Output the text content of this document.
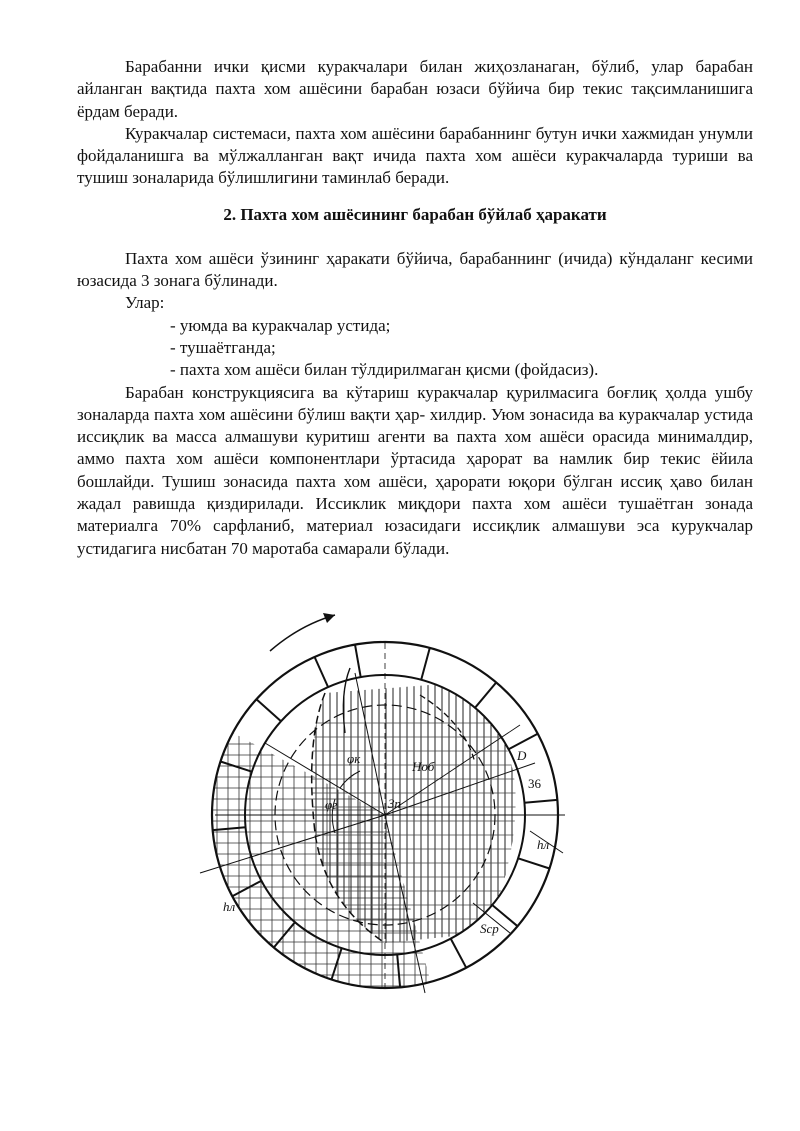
Барабанни ички қисми куракчалари билан жиҳозланаган, бўлиб, улар барабан айланган вақтида пахта хом ашёсини барабан юзаси бўйича бир текис тақсимланишига ёрдам беради.

Куракчалар системаси, пахта хом ашёсини барабаннинг бутун ички хажмидан унумли фойдаланишга ва мўлжалланган вақт ичида пахта хом ашёси куракчаларда туриши ва тушиш зоналарида бўлишлигини таминлаб беради.

2. Пахта хом ашёсининг барабан бўйлаб ҳаракати

Пахта хом ашёси ўзининг ҳаракати бўйича, барабаннинг (ичида) кўндаланг кесими юзасида 3 зонага бўлинади.

Улар:
- уюмда ва куракчалар устида;
- тушаётганда;
- пахта хом ашёси билан тўлдирилмаган қисми (фойдасиз).

Барабан конструкциясига ва кўтариш куракчалар қурилмасига боғлиқ ҳолда ушбу зоналарда пахта хом ашёсини бўлиш вақти ҳар- хилдир. Уюм зонасида ва куракчалар устида иссиқлик ва масса алмашуви куритиш агенти ва пахта хом ашёси орасида минималдир, аммо пахта хом ашёси компонентлари ўртасида ҳарорат ва намлик бир текис ёйила бошлайди. Тушиш зонасида пахта хом ашёси, ҳарорати юқори бўлган иссиқ ҳаво билан жадал равишда қиздирилади. Иссиклик миқдори пахта хом ашёси тушаётган зонада материалга 70% сарфланиб, материал юзасидаги иссиқлик алмашуви эса курукчалар устидагига нисбатан 70 маротаба самарали бўлади.

D
36
φк
Hоб
Зп
φг
hл
hл
Sср
